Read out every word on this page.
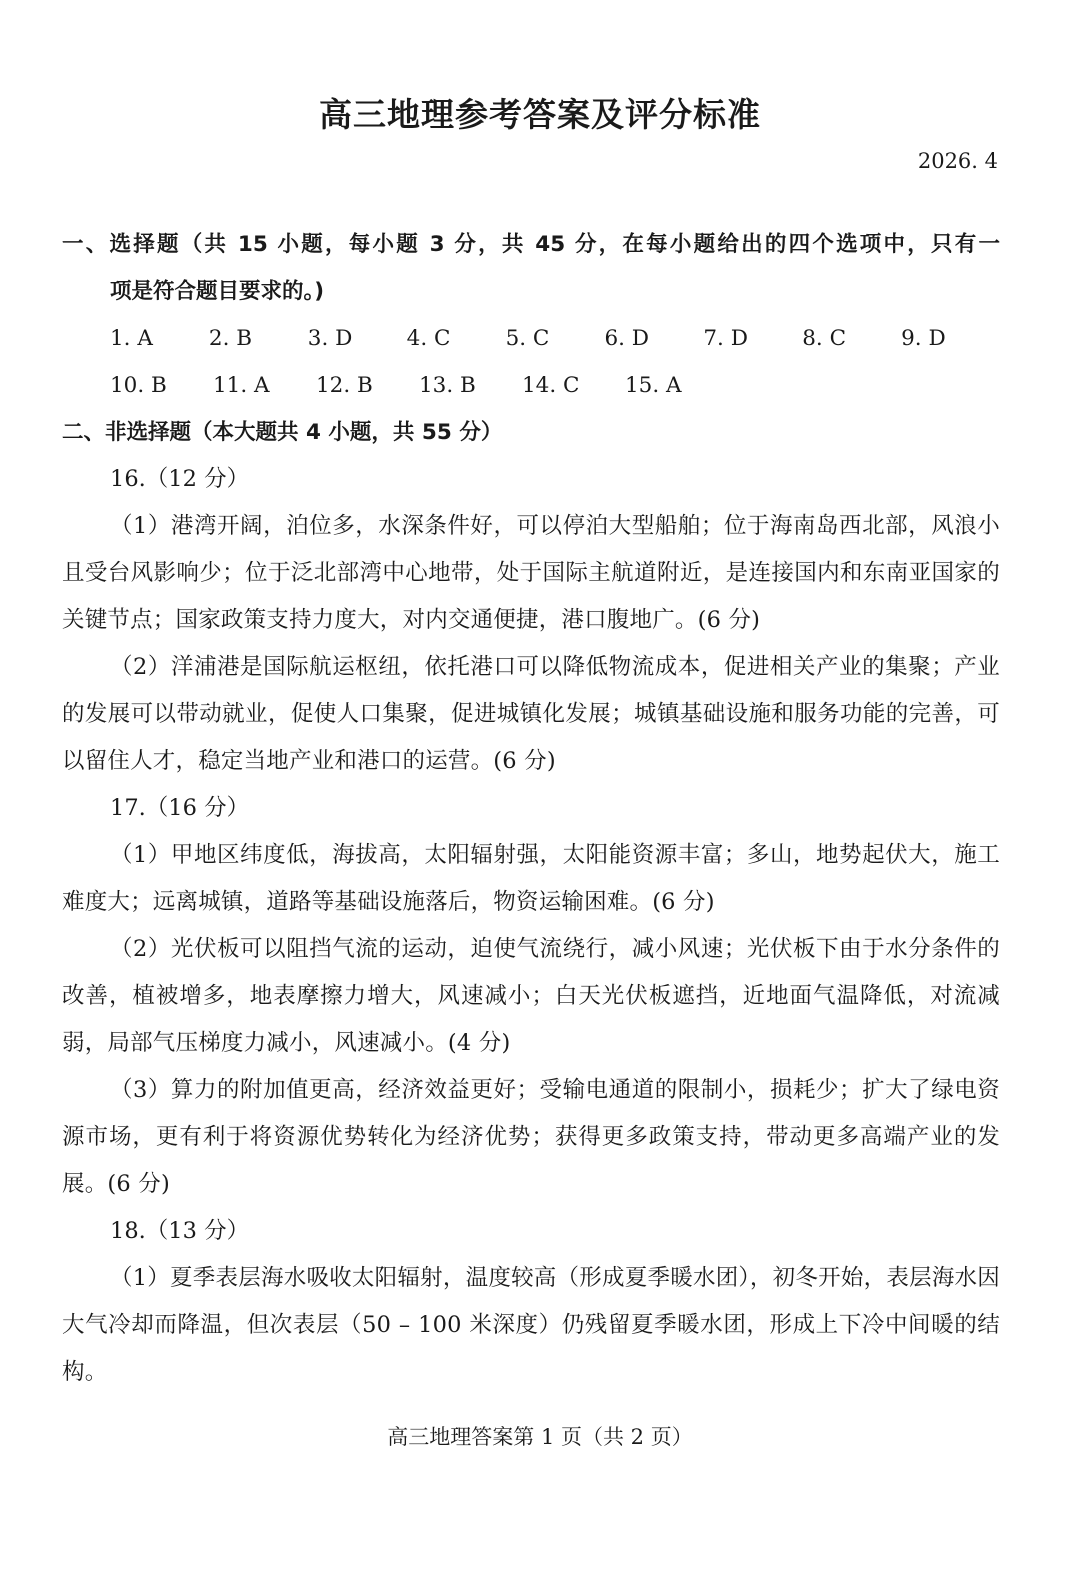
高三地理参考答案及评分标准
2026. 4

一、选择题（共 15 小题，每小题 3 分，共 45 分，在每小题给出的四个选项中，只有一

项是符合题目要求的。)

1. A	2. B	3. D	4. C	5. C	6. D	7. D	8. C	9. D
10. B	11. A	12. B	13. B	14. C	15. A

二、非选择题（本大题共 4 小题，共 55 分）

16.（12 分）

（1）港湾开阔，泊位多，水深条件好，可以停泊大型船舶；位于海南岛西北部，风浪小且受台风影响少；位于泛北部湾中心地带，处于国际主航道附近，是连接国内和东南亚国家的关键节点；国家政策支持力度大，对内交通便捷，港口腹地广。(6 分)

（2）洋浦港是国际航运枢纽，依托港口可以降低物流成本，促进相关产业的集聚；产业的发展可以带动就业，促使人口集聚，促进城镇化发展；城镇基础设施和服务功能的完善，可以留住人才，稳定当地产业和港口的运营。(6 分)

17.（16 分）

（1）甲地区纬度低，海拔高，太阳辐射强，太阳能资源丰富；多山，地势起伏大，施工难度大；远离城镇，道路等基础设施落后，物资运输困难。(6 分)

（2）光伏板可以阻挡气流的运动，迫使气流绕行，减小风速；光伏板下由于水分条件的改善，植被增多，地表摩擦力增大，风速减小；白天光伏板遮挡，近地面气温降低，对流减弱，局部气压梯度力减小，风速减小。(4 分)

（3）算力的附加值更高，经济效益更好；受输电通道的限制小，损耗少；扩大了绿电资源市场，更有利于将资源优势转化为经济优势；获得更多政策支持，带动更多高端产业的发展。(6 分)

18.（13 分）

（1）夏季表层海水吸收太阳辐射，温度较高（形成夏季暖水团），初冬开始，表层海水因大气冷却而降温，但次表层（50 – 100 米深度）仍残留夏季暖水团，形成上下冷中间暖的结构。

高三地理答案第 1 页（共 2 页）
